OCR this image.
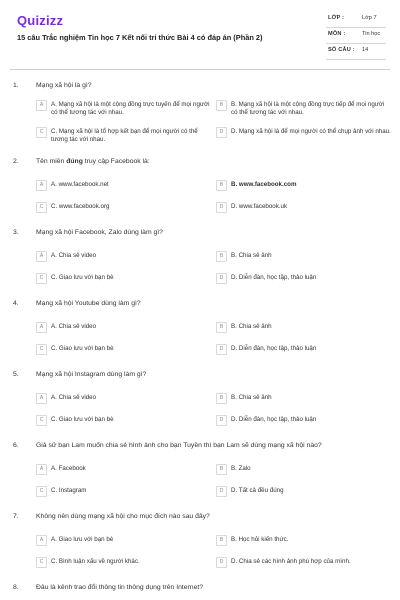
Quizizz
15 câu Trắc nghiệm Tin học 7 Kết nối tri thức Bài 4 có đáp án (Phần 2)
LỚP :	Lớp 7
MÔN :	Tin học
SỐ CÂU : 14
1.	Mạng xã hội là gì?
A	A. Mạng xã hội là một cộng đồng trực tuyến để mọi người có thể tương tác với nhau.
B	B. Mạng xã hội là một cộng đồng trực tiếp để mọi người có thể tương tác với nhau.
C	C. Mạng xã hội là tổ hợp kết bạn để mọi người có thể tương tác với nhau.
D	D. Mạng xã hội là để mọi người có thể chụp ảnh với nhau.
2.	Tên miền đúng truy cập Facebook là:
A	A. www.facebook.net	B	B. www.facebook.com
C	C. www.facebook.org	D	D. www.facebook.uk
3.	Mạng xã hội Facebook, Zalo dùng làm gì?
A	A. Chia sẻ video	B	B. Chia sẻ ảnh
C	C. Giao lưu với bạn bè	D	D. Diễn đàn, học tập, thảo luận
4.	Mạng xã hội Youtube dùng làm gì?
A	A. Chia sẻ video	B	B. Chia sẻ ảnh
C	C. Giao lưu với bạn bè	D	D. Diễn đàn, học tập, thảo luận
5.	Mạng xã hội Instagram dùng làm gì?
A	A. Chia sẻ video	B	B. Chia sẻ ảnh
C	C. Giao lưu với bạn bè	D	D. Diễn đàn, học tập, thảo luận
6.	Giả sử bạn Lam muốn chia sẻ hình ảnh cho bạn Tuyền thì bạn Lam sẽ dùng mạng xã hội nào?
A	A. Facebook	B	B. Zalo
C	C. Instagram	D	D. Tất cả đều đúng
7.	Không nên dùng mạng xã hội cho mục đích nào sau đây?
A	A. Giao lưu với bạn bè	B	B. Học hỏi kiến thức.
C	C. Bình luận xấu về người khác.	D	D. Chia sẻ các hình ảnh phù hợp của mình.
8.	Đâu là kênh trao đổi thông tin thông dụng trên Internet?
